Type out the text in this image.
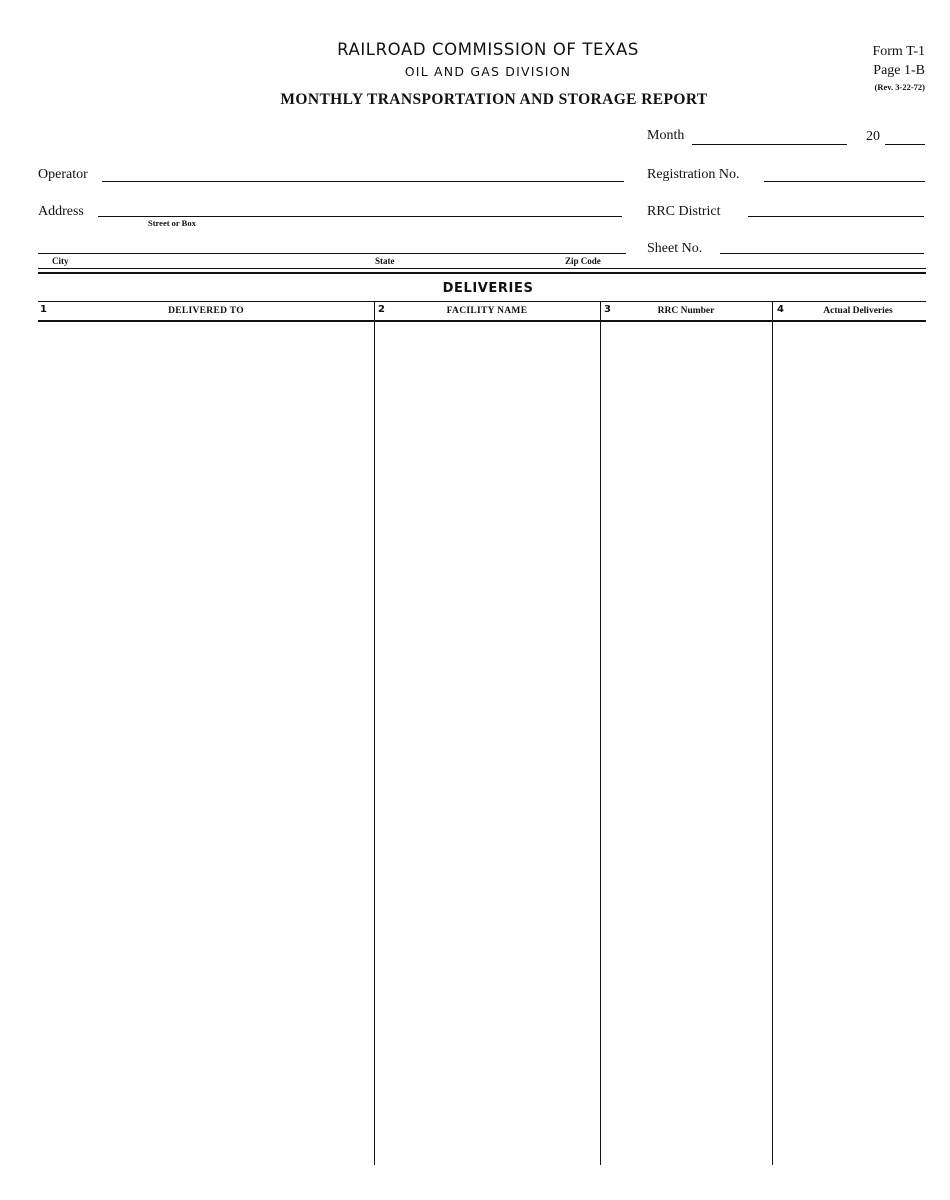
RAILROAD COMMISSION OF TEXAS
OIL AND GAS DIVISION
MONTHLY TRANSPORTATION AND STORAGE REPORT
Form T-1
Page 1-B
(Rev. 3-22-72)
Month	20
Operator	Registration No.
Address
Street or Box
RRC District
Sheet No.
City	State	Zip Code
DELIVERIES
1	2	3	4
DELIVERED TO	FACILITY NAME	RRC Number	Actual Deliveries
